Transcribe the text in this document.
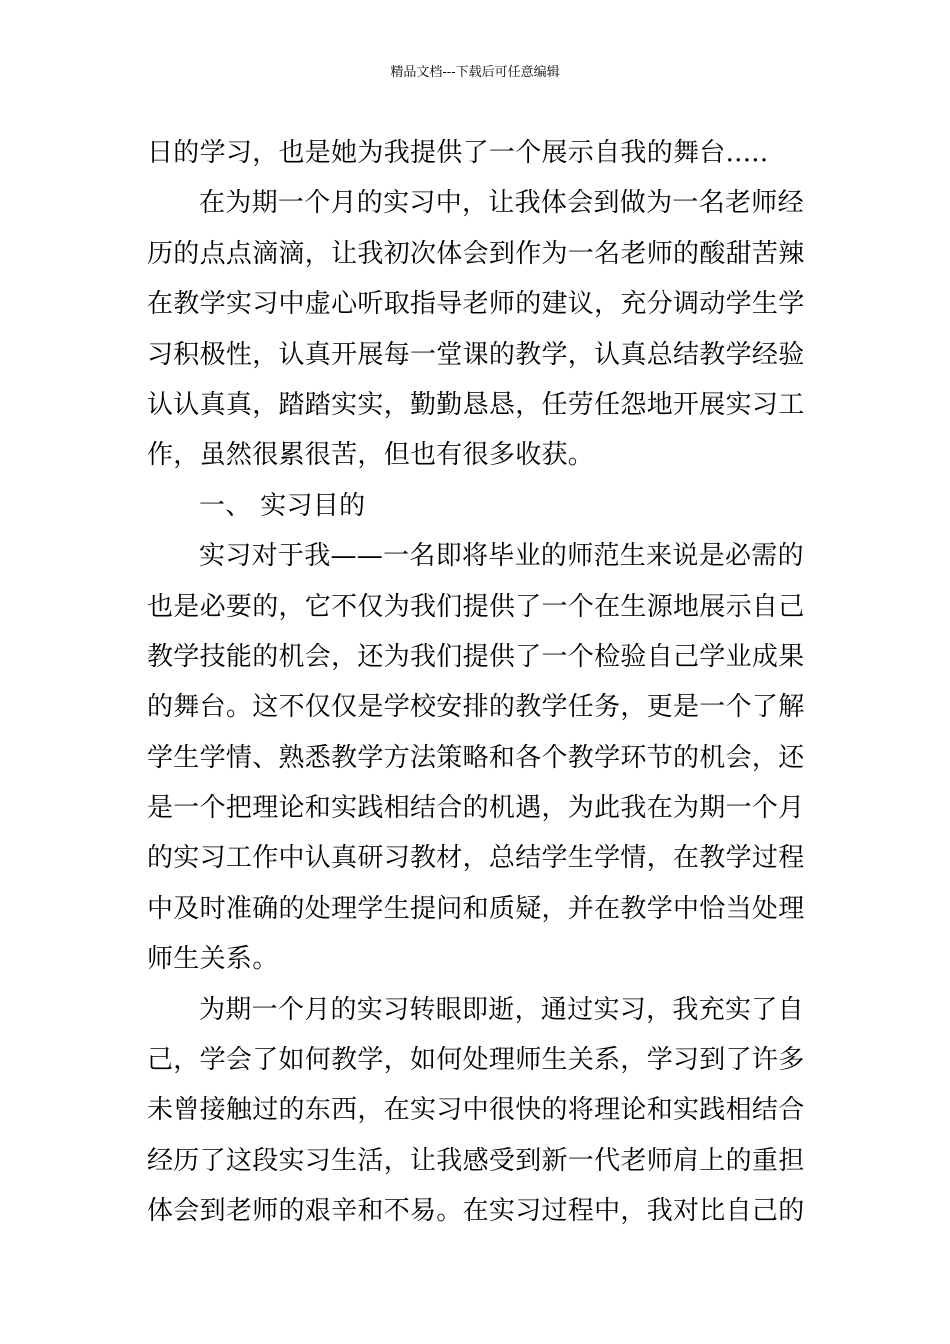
精品文档---下载后可任意编辑
日的学习，也是她为我提供了一个展示自我的舞台.....
在为期一个月的实习中，让我体会到做为一名老师经
历的点点滴滴，让我初次体会到作为一名老师的酸甜苦辣
在教学实习中虚心听取指导老师的建议，充分调动学生学
习积极性，认真开展每一堂课的教学，认真总结教学经验
认认真真，踏踏实实，勤勤恳恳，任劳任怨地开展实习工
作，虽然很累很苦，但也有很多收获。
一、 实习目的
实习对于我——一名即将毕业的师范生来说是必需的
也是必要的，它不仅为我们提供了一个在生源地展示自己
教学技能的机会，还为我们提供了一个检验自己学业成果
的舞台。这不仅仅是学校安排的教学任务，更是一个了解
学生学情、熟悉教学方法策略和各个教学环节的机会，还
是一个把理论和实践相结合的机遇，为此我在为期一个月
的实习工作中认真研习教材，总结学生学情，在教学过程
中及时准确的处理学生提问和质疑，并在教学中恰当处理
师生关系。
为期一个月的实习转眼即逝，通过实习，我充实了自
己，学会了如何教学，如何处理师生关系，学习到了许多
未曾接触过的东西，在实习中很快的将理论和实践相结合
经历了这段实习生活，让我感受到新一代老师肩上的重担
体会到老师的艰辛和不易。在实习过程中，我对比自己的
